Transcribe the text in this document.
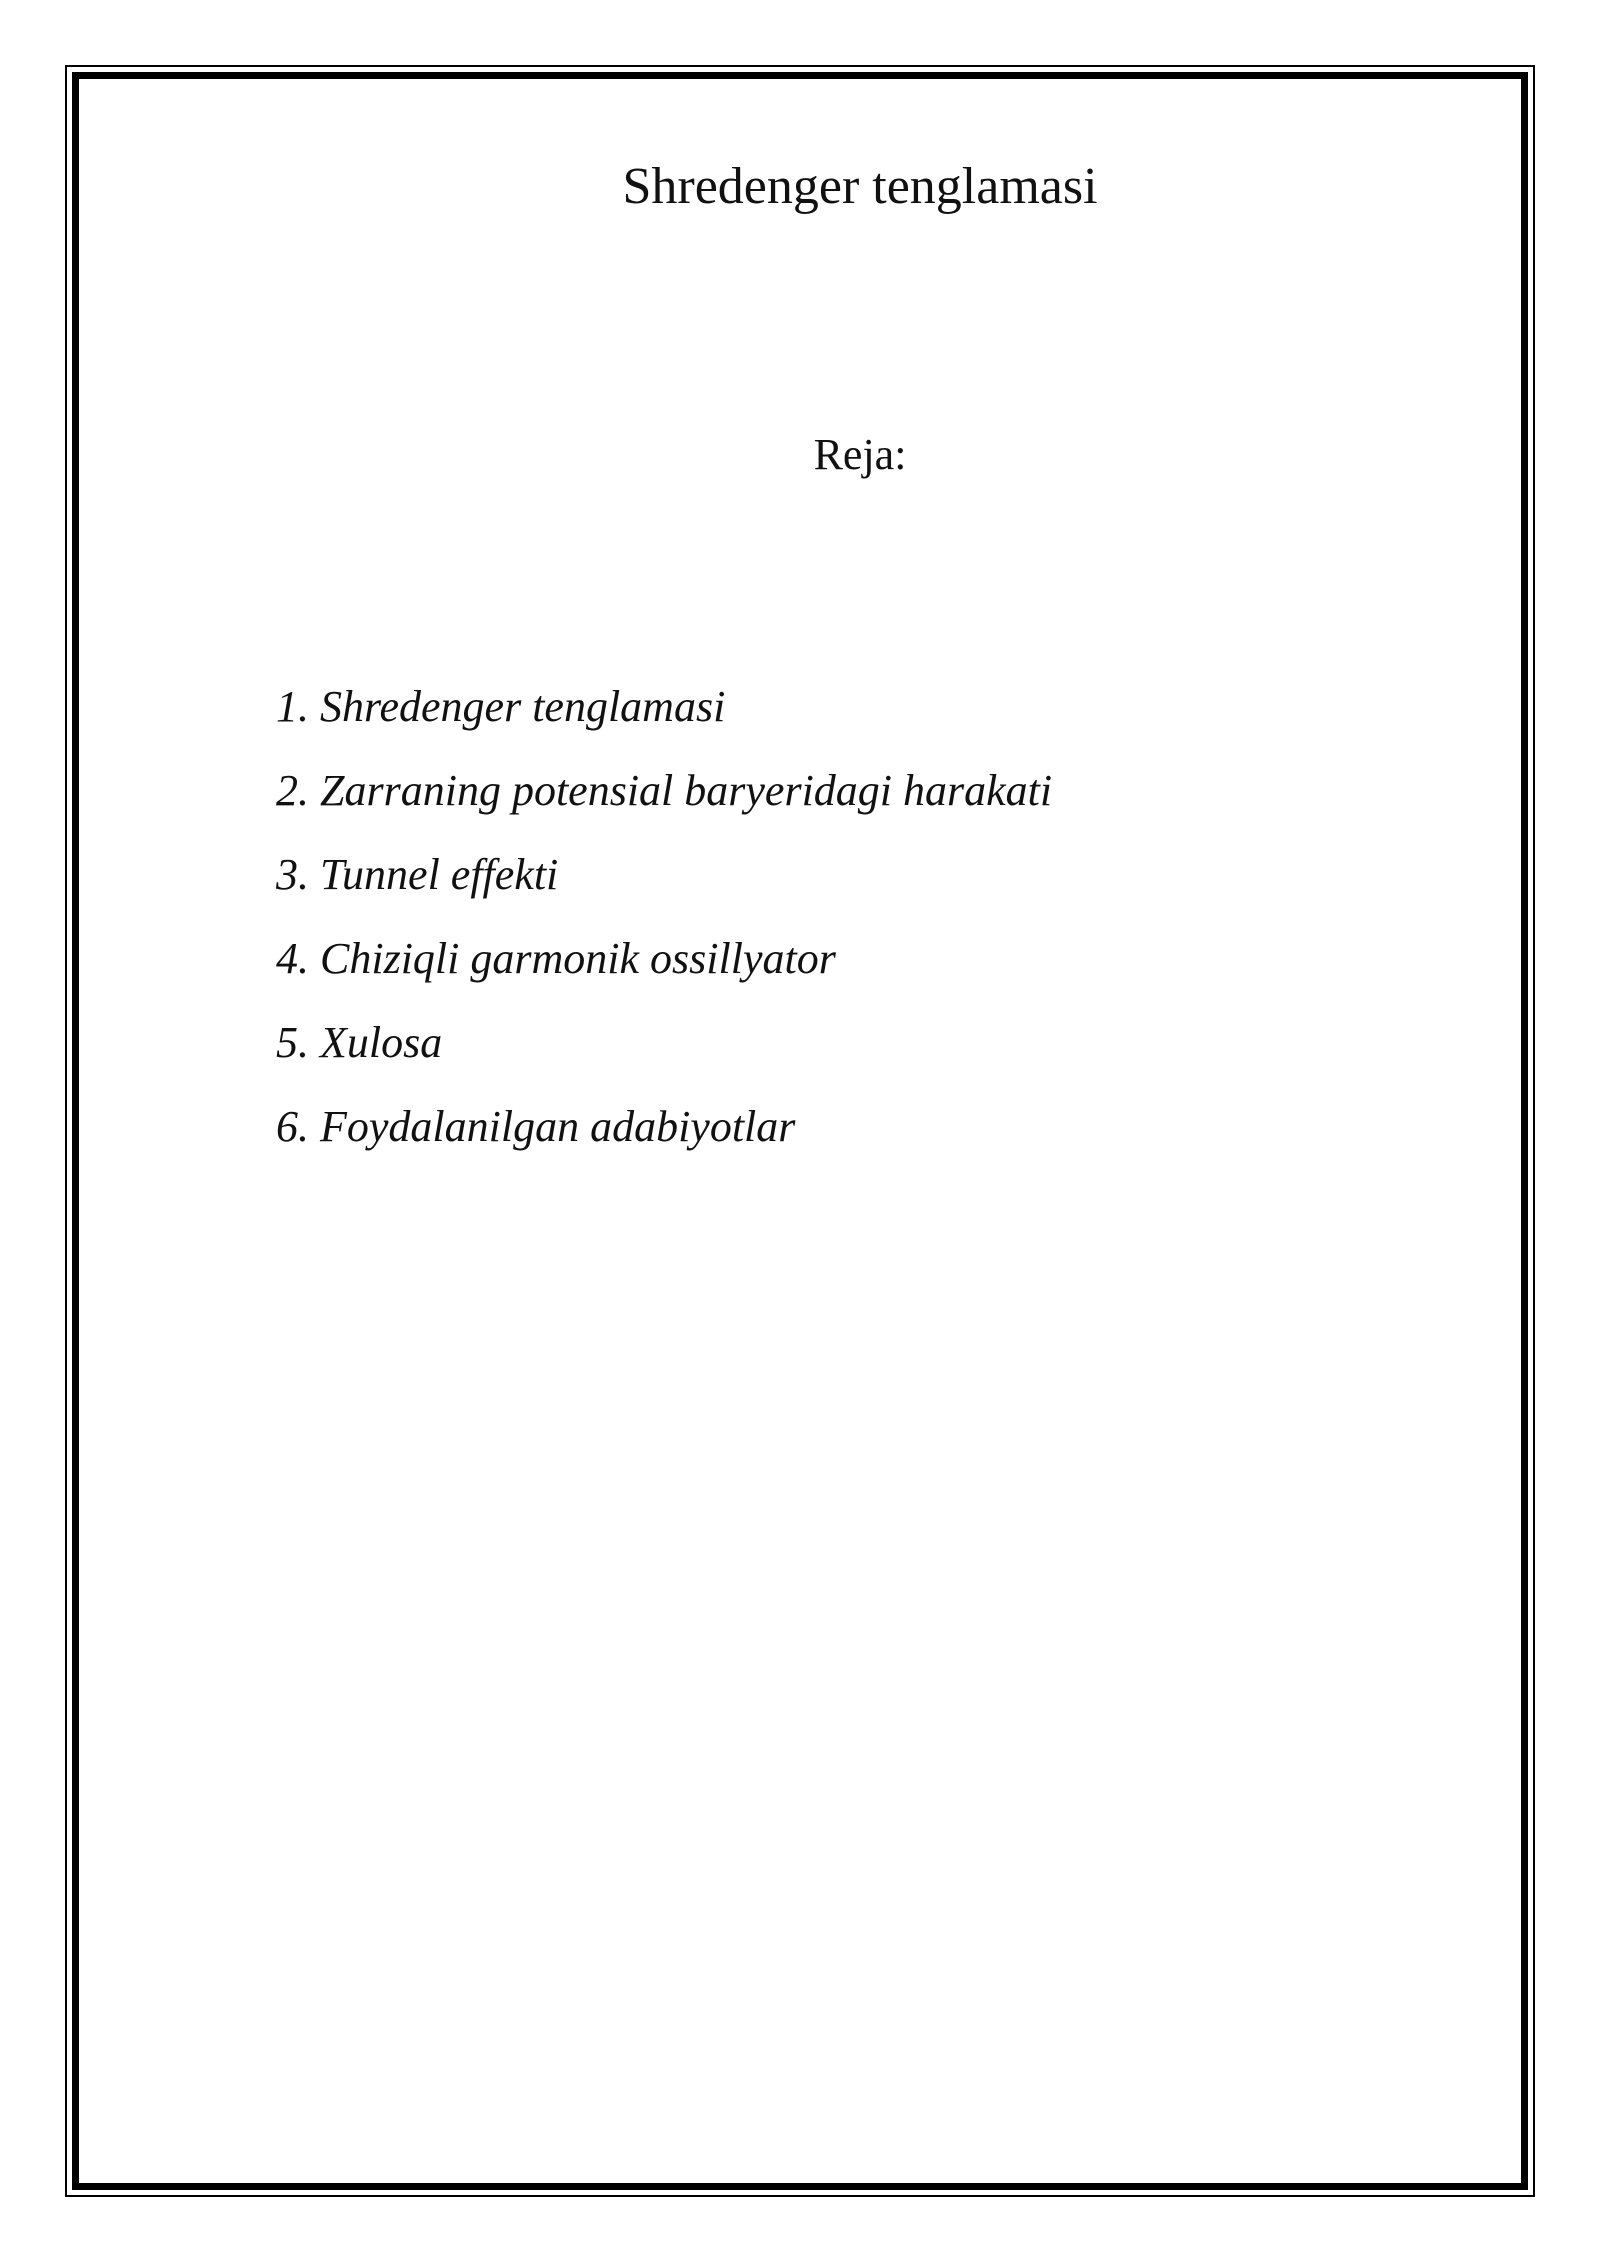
Shredenger tenglamasi

Reja:

1. Shredenger tenglamasi
2. Zarraning potensial baryeridagi harakati
3. Tunnel effekti
4. Chiziqli garmonik ossillyator
5. Xulosa
6. Foydalanilgan adabiyotlar
